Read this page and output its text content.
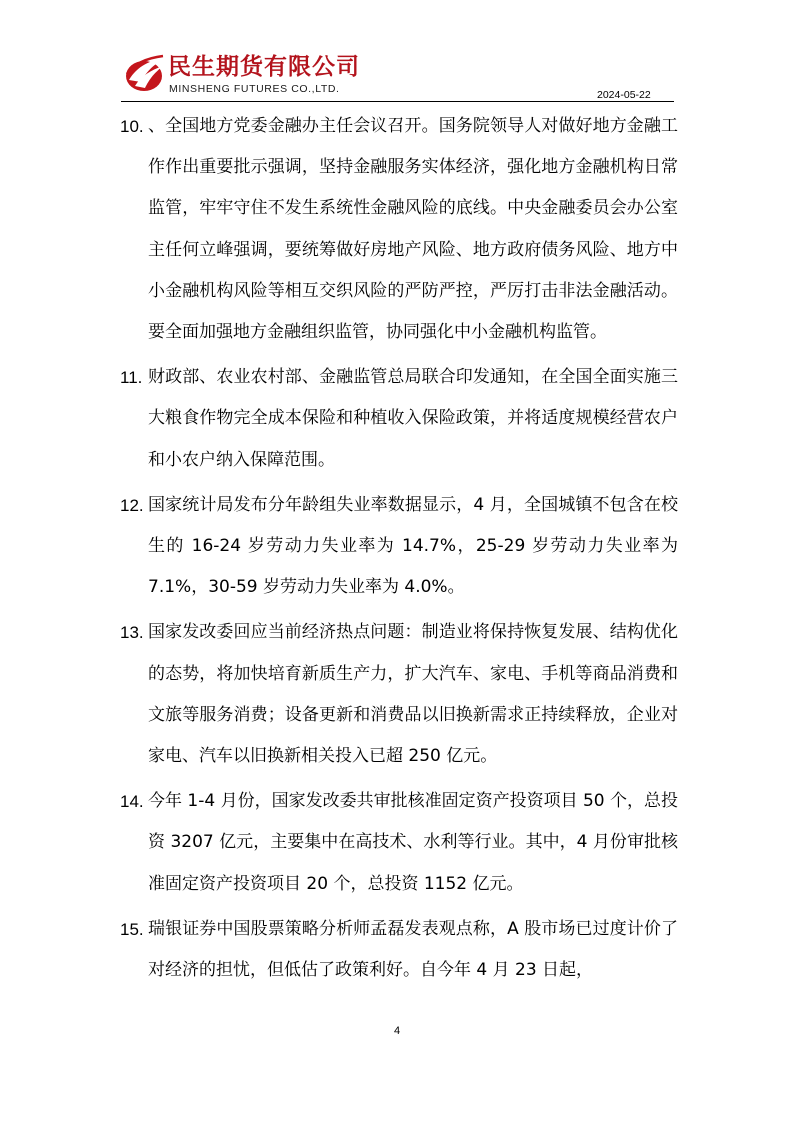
民生期货有限公司
MINSHENG FUTURES CO.,LTD.	2024-05-22
10. 、全国地方党委金融办主任会议召开。国务院领导人对做好地方金融工作作出重要批示强调，坚持金融服务实体经济，强化地方金融机构日常监管，牢牢守住不发生系统性金融风险的底线。中央金融委员会办公室主任何立峰强调，要统筹做好房地产风险、地方政府债务风险、地方中小金融机构风险等相互交织风险的严防严控，严厉打击非法金融活动。要全面加强地方金融组织监管，协同强化中小金融机构监管。
11. 财政部、农业农村部、金融监管总局联合印发通知，在全国全面实施三大粮食作物完全成本保险和种植收入保险政策，并将适度规模经营农户和小农户纳入保障范围。
12. 国家统计局发布分年龄组失业率数据显示，4 月，全国城镇不包含在校生的 16-24 岁劳动力失业率为 14.7%，25-29 岁劳动力失业率为 7.1%，30-59 岁劳动力失业率为 4.0%。
13. 国家发改委回应当前经济热点问题：制造业将保持恢复发展、结构优化的态势，将加快培育新质生产力，扩大汽车、家电、手机等商品消费和文旅等服务消费；设备更新和消费品以旧换新需求正持续释放，企业对家电、汽车以旧换新相关投入已超 250 亿元。
14. 今年 1-4 月份，国家发改委共审批核准固定资产投资项目 50 个，总投资 3207 亿元，主要集中在高技术、水利等行业。其中，4 月份审批核准固定资产投资项目 20 个，总投资 1152 亿元。
15. 瑞银证券中国股票策略分析师孟磊发表观点称，A 股市场已过度计价了对经济的担忧，但低估了政策利好。自今年 4 月 23 日起，
4
